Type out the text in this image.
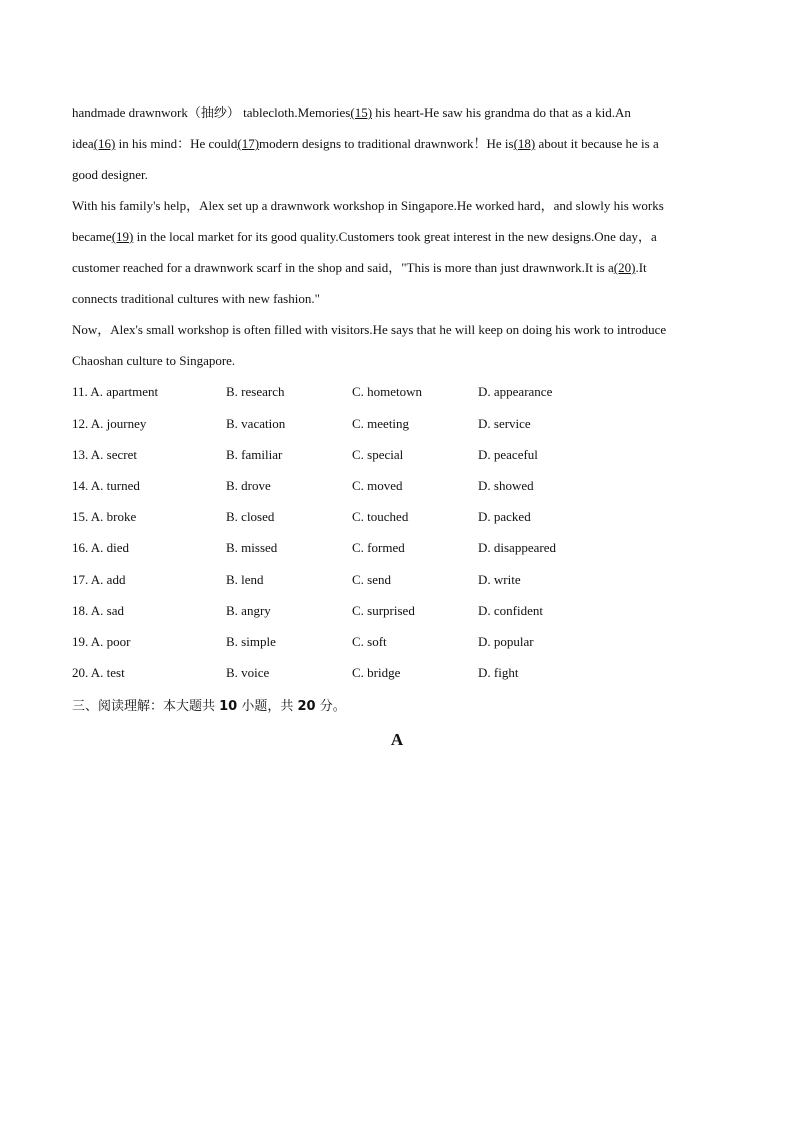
handmade drawnwork（抽纱） tablecloth.Memories(15) his heart-He saw his grandma do that as a kid.An
idea(16) in his mind：He could(17)modern designs to traditional drawnwork！He is(18) about it because he is a
good designer.
With his family's help，Alex set up a drawnwork workshop in Singapore.He worked hard，and slowly his works
became(19) in the local market for its good quality.Customers took great interest in the new designs.One day，a
customer reached for a drawnwork scarf in the shop and said，"This is more than just drawnwork.It is a(20).It
connects traditional cultures with new fashion."
Now，Alex's small workshop is often filled with visitors.He says that he will keep on doing his work to introduce
Chaoshan culture to Singapore.
11. A. apartment	B. research	C. hometown	D. appearance
12. A. journey	B. vacation	C. meeting	D. service
13. A. secret	B. familiar	C. special	D. peaceful
14. A. turned	B. drove	C. moved	D. showed
15. A. broke	B. closed	C. touched	D. packed
16. A. died	B. missed	C. formed	D. disappeared
17. A. add	B. lend	C. send	D. write
18. A. sad	B. angry	C. surprised	D. confident
19. A. poor	B. simple	C. soft	D. popular
20. A. test	B. voice	C. bridge	D. fight
三、阅读理解：本大题共 10 小题，共 20 分。
A
